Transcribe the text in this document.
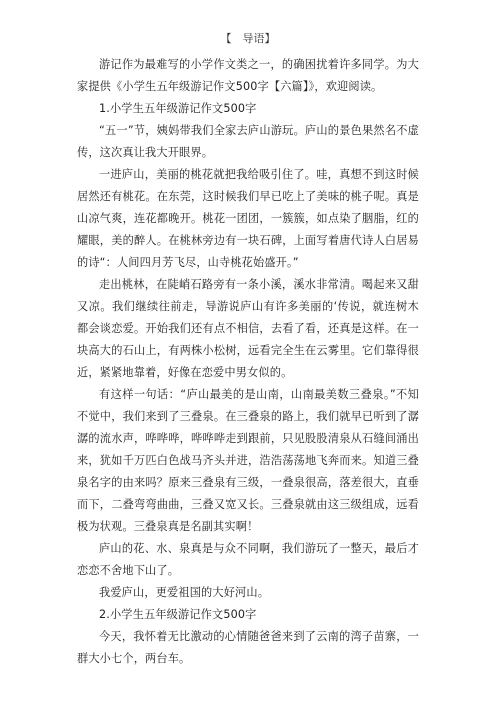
【　导语】

游记作为最难写的小学作文类之一，的确困扰着许多同学。为大家提供《小学生五年级游记作文500字【六篇】》，欢迎阅读。

1.小学生五年级游记作文500字

“五一”节，姨妈带我们全家去庐山游玩。庐山的景色果然名不虚传，这次真让我大开眼界。

一进庐山，美丽的桃花就把我给吸引住了。哇，真想不到这时候居然还有桃花。在东莞，这时候我们早已吃上了美味的桃子呢。真是山凉气爽，连花都晚开。桃花一团团，一簇簇，如点染了胭脂，红的耀眼，美的醉人。在桃林旁边有一块石碑，上面写着唐代诗人白居易的诗“：人间四月芳飞尽，山寺桃花始盛开。”

走出桃林，在陡峭石路旁有一条小溪，溪水非常清。喝起来又甜又凉。我们继续往前走，导游说庐山有许多美丽的‘传说，就连树木都会谈恋爱。开始我们还有点不相信，去看了看，还真是这样。在一块高大的石山上，有两株小松树，远看完全生在云雾里。它们靠得很近，紧紧地靠着，好像在恋爱中男女似的。

有这样一句话：“庐山最美的是山南，山南最美数三叠泉。”不知不觉中，我们来到了三叠泉。在三叠泉的路上，我们就早已听到了潺潺的流水声，哗哗哗，哗哗哗走到跟前，只见股股清泉从石缝间涌出来，犹如千万匹白色战马齐头并进，浩浩荡荡地飞奔而来。知道三叠泉名字的由来吗？原来三叠泉有三级，一叠泉很高，落差很大，直垂而下，二叠弯弯曲曲，三叠又宽又长。三叠泉就由这三级组成，远看极为状观。三叠泉真是名副其实啊！

庐山的花、水、泉真是与众不同啊，我们游玩了一整天，最后才恋恋不舍地下山了。

我爱庐山，更爱祖国的大好河山。

2.小学生五年级游记作文500字

今天，我怀着无比激动的心情随爸爸来到了云南的湾子苗寨，一群大小七个，两台车。
